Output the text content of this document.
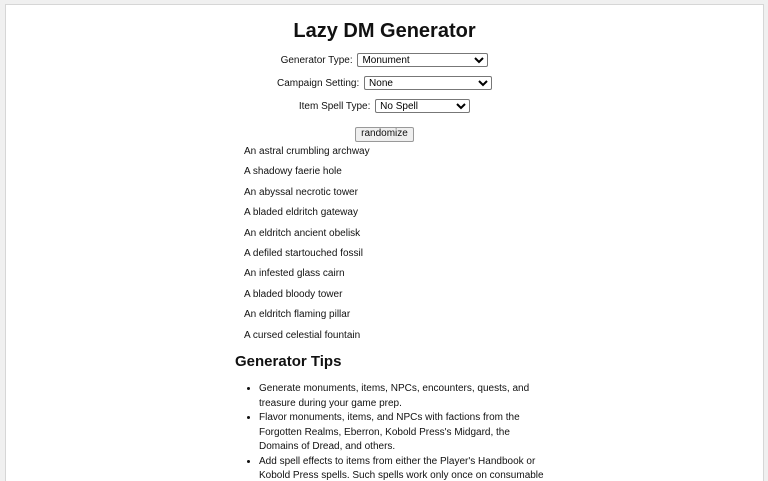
Lazy DM Generator
Generator Type:
Monument
Campaign Setting:
None
Item Spell Type:
No Spell
randomize
An astral crumbling archway
A shadowy faerie hole
An abyssal necrotic tower
A bladed eldritch gateway
An eldritch ancient obelisk
A defiled startouched fossil
An infested glass cairn
A bladed bloody tower
An eldritch flaming pillar
A cursed celestial fountain
Generator Tips
• Generate monuments, items, NPCs, encounters, quests, and treasure during your game prep.
• Flavor monuments, items, and NPCs with factions from the Forgotten Realms, Eberron, Kobold Press's Midgard, the Domains of Dread, and others.
• Add spell effects to items from either the Player's Handbook or Kobold Press spells. Such spells work only once on consumable
